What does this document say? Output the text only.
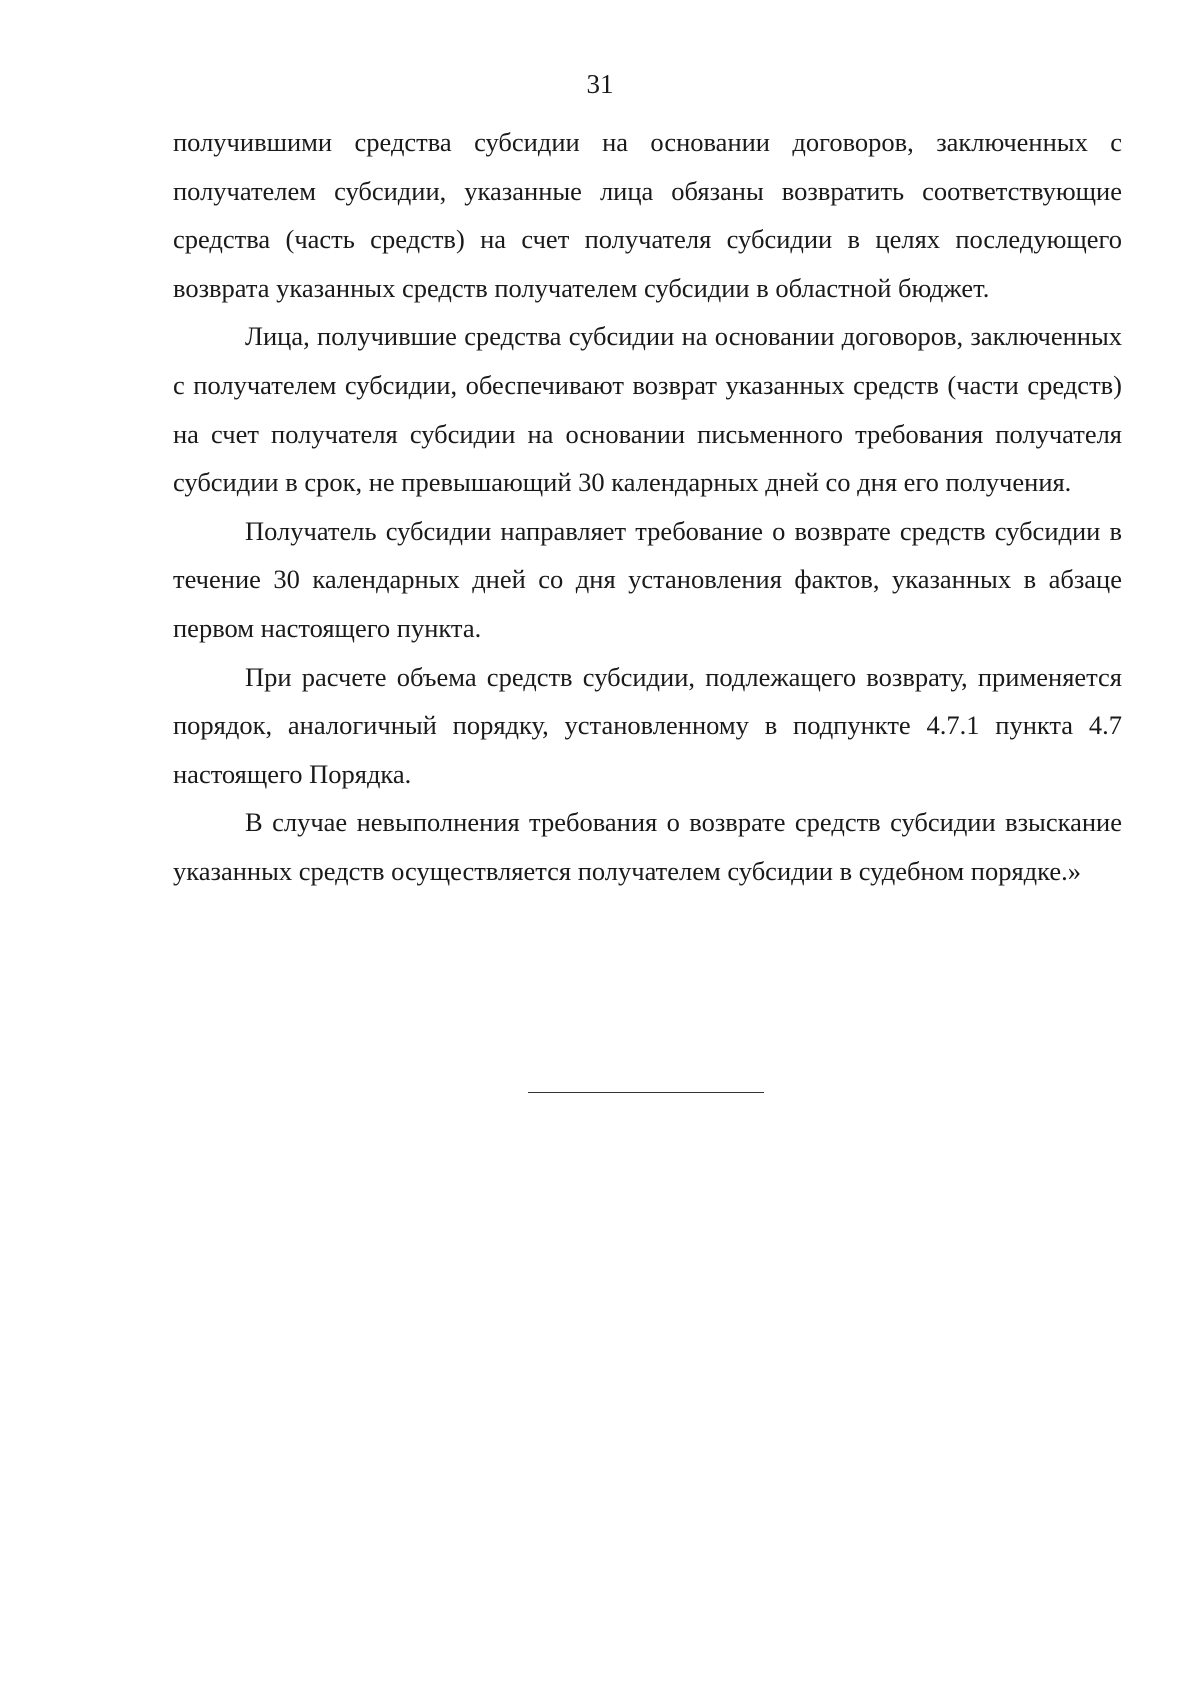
31

получившими средства субсидии на основании договоров, заключенных с получателем субсидии, указанные лица обязаны возвратить соответствующие средства (часть средств) на счет получателя субсидии в целях последующего возврата указанных средств получателем субсидии в областной бюджет.

Лица, получившие средства субсидии на основании договоров, заключенных с получателем субсидии, обеспечивают возврат указанных средств (части средств) на счет получателя субсидии на основании письменного требования получателя субсидии в срок, не превышающий 30 календарных дней со дня его получения.

Получатель субсидии направляет требование о возврате средств субсидии в течение 30 календарных дней со дня установления фактов, указанных в абзаце первом настоящего пункта.

При расчете объема средств субсидии, подлежащего возврату, применяется порядок, аналогичный порядку, установленному в подпункте 4.7.1 пункта 4.7 настоящего Порядка.

В случае невыполнения требования о возврате средств субсидии взыскание указанных средств осуществляется получателем субсидии в судебном порядке.»
